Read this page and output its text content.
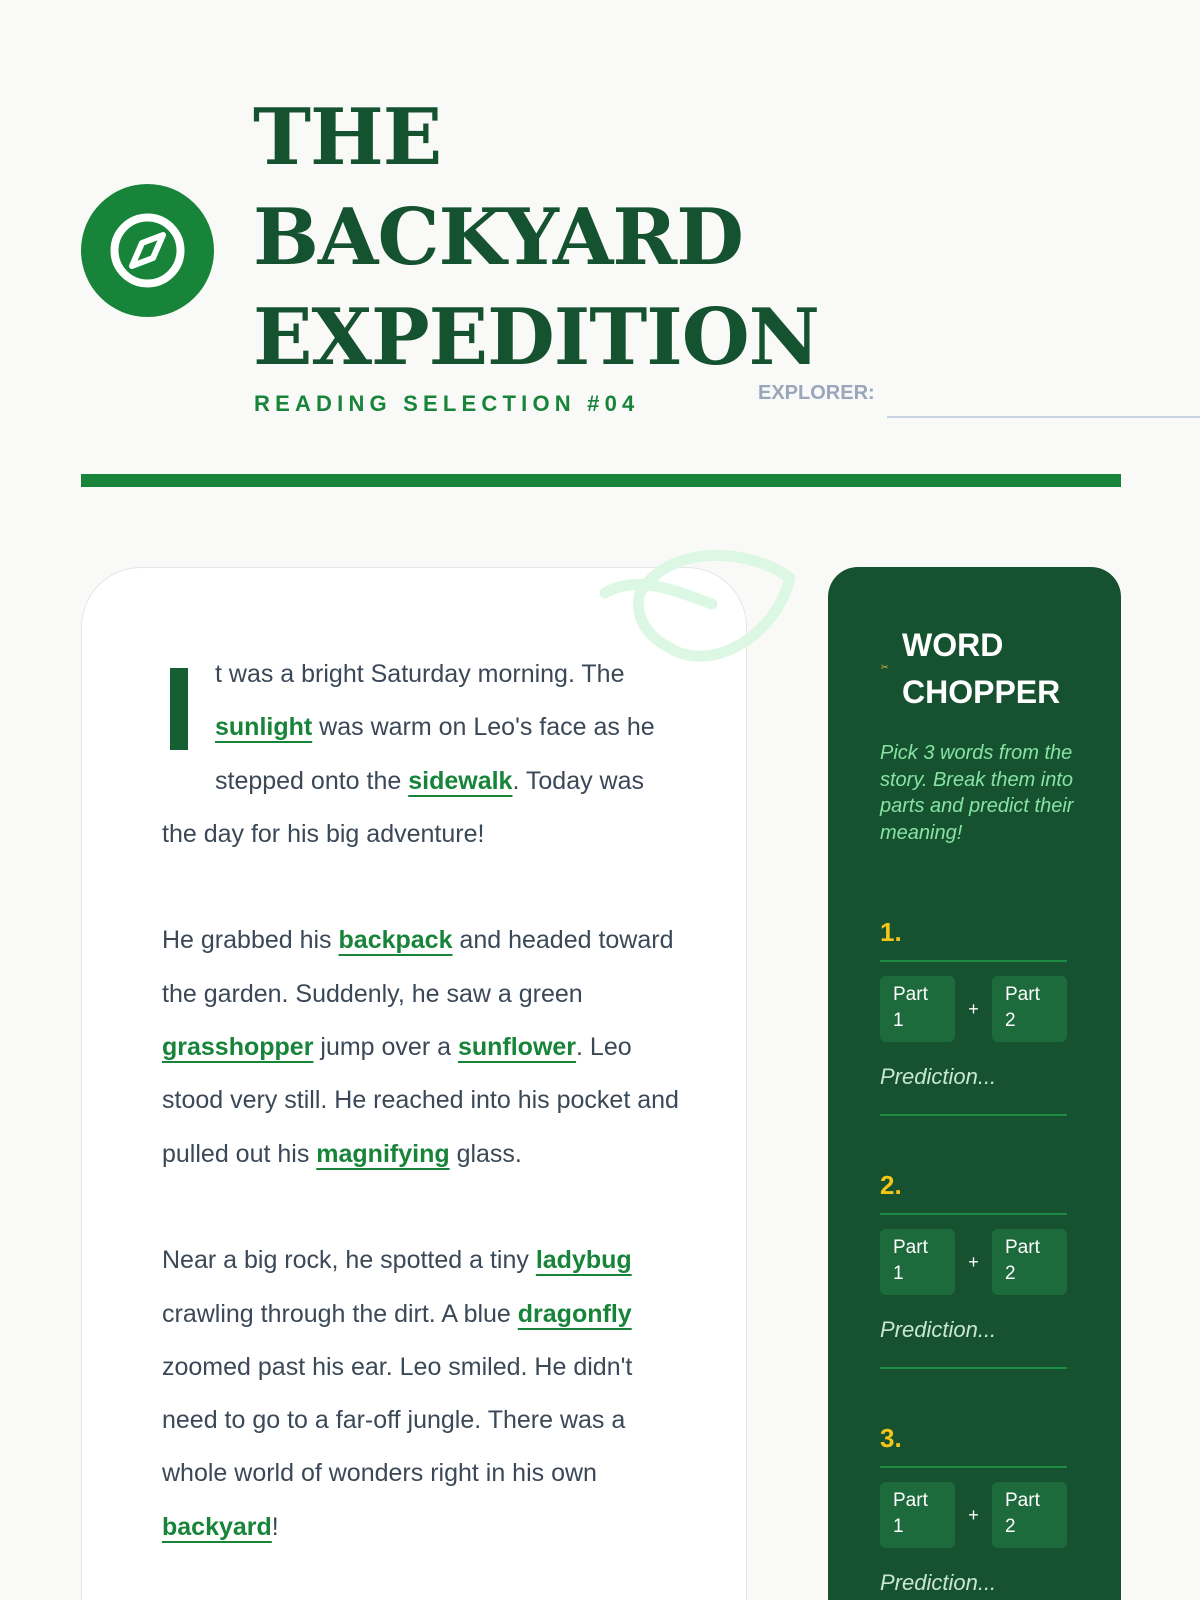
THE
BACKYARD
EXPEDITION
READING SELECTION #04	EXPLORER:

t was a bright Saturday morning. The sunlight was warm on Leo's face as he stepped onto the sidewalk. Today was the day for his big adventure!

He grabbed his backpack and headed toward the garden. Suddenly, he saw a green grasshopper jump over a sunflower. Leo stood very still. He reached into his pocket and pulled out his magnifying glass.

Near a big rock, he spotted a tiny ladybug crawling through the dirt. A blue dragonfly zoomed past his ear. Leo smiled. He didn't need to go to a far-off jungle. There was a whole world of wonders right in his own backyard!

✂
WORD CHOPPER
Pick 3 words from the story. Break them into parts and predict their meaning!
1.
Part 1
+
Part 2
Prediction...
2.
Part 1
+
Part 2
Prediction...
3.
Part 1
+
Part 2
Prediction...
